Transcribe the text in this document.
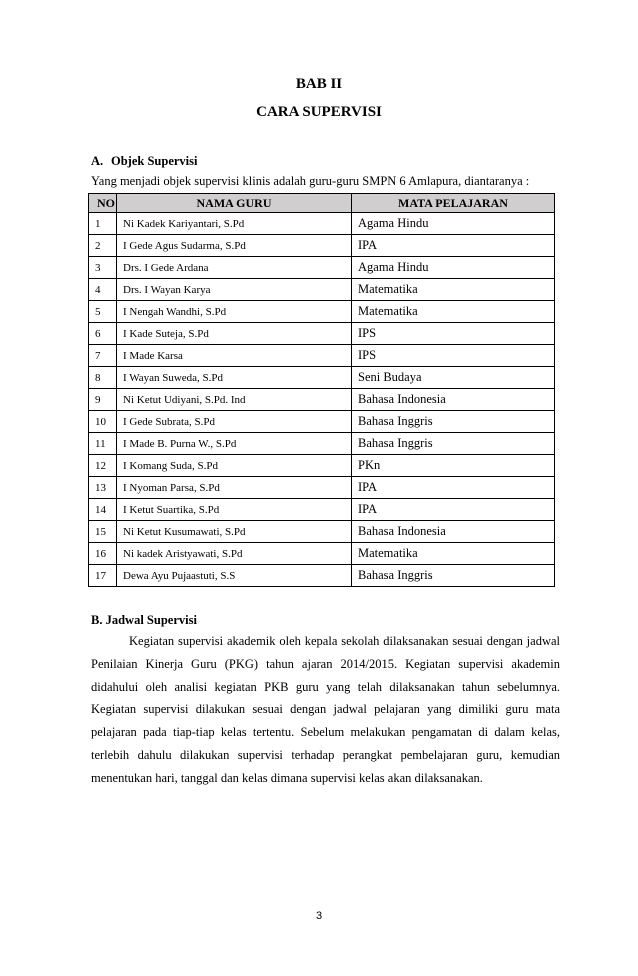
BAB II
CARA SUPERVISI
A. Objek Supervisi
Yang menjadi objek supervisi klinis adalah guru-guru SMPN 6 Amlapura, diantaranya :
NO	NAMA GURU	MATA PELAJARAN
1	Ni Kadek Kariyantari, S.Pd	Agama Hindu
2	I Gede Agus Sudarma, S.Pd	IPA
3	Drs. I Gede Ardana	Agama Hindu
4	Drs. I Wayan Karya	Matematika
5	I Nengah Wandhi, S.Pd	Matematika
6	I Kade Suteja, S.Pd	IPS
7	I Made Karsa	IPS
8	I Wayan Suweda, S.Pd	Seni Budaya
9	Ni Ketut Udiyani, S.Pd. Ind	Bahasa Indonesia
10	I Gede Subrata, S.Pd	Bahasa Inggris
11	I Made B. Purna W., S.Pd	Bahasa Inggris
12	I Komang Suda, S.Pd	PKn
13	I Nyoman Parsa, S.Pd	IPA
14	I Ketut Suartika, S.Pd	IPA
15	Ni Ketut Kusumawati, S.Pd	Bahasa Indonesia
16	Ni kadek Aristyawati, S.Pd	Matematika
17	Dewa Ayu Pujaastuti, S.S	Bahasa Inggris
B. Jadwal Supervisi
Kegiatan supervisi akademik oleh kepala sekolah dilaksanakan sesuai dengan jadwal
Penilaian Kinerja Guru (PKG) tahun ajaran 2014/2015. Kegiatan supervisi akademin
didahului oleh analisi kegiatan PKB guru yang telah dilaksanakan tahun sebelumnya.
Kegiatan supervisi dilakukan sesuai dengan jadwal pelajaran yang dimiliki guru mata
pelajaran pada tiap-tiap kelas tertentu. Sebelum melakukan pengamatan di dalam kelas,
terlebih dahulu dilakukan supervisi terhadap perangkat pembelajaran guru, kemudian
menentukan hari, tanggal dan kelas dimana supervisi kelas akan dilaksanakan.
3
